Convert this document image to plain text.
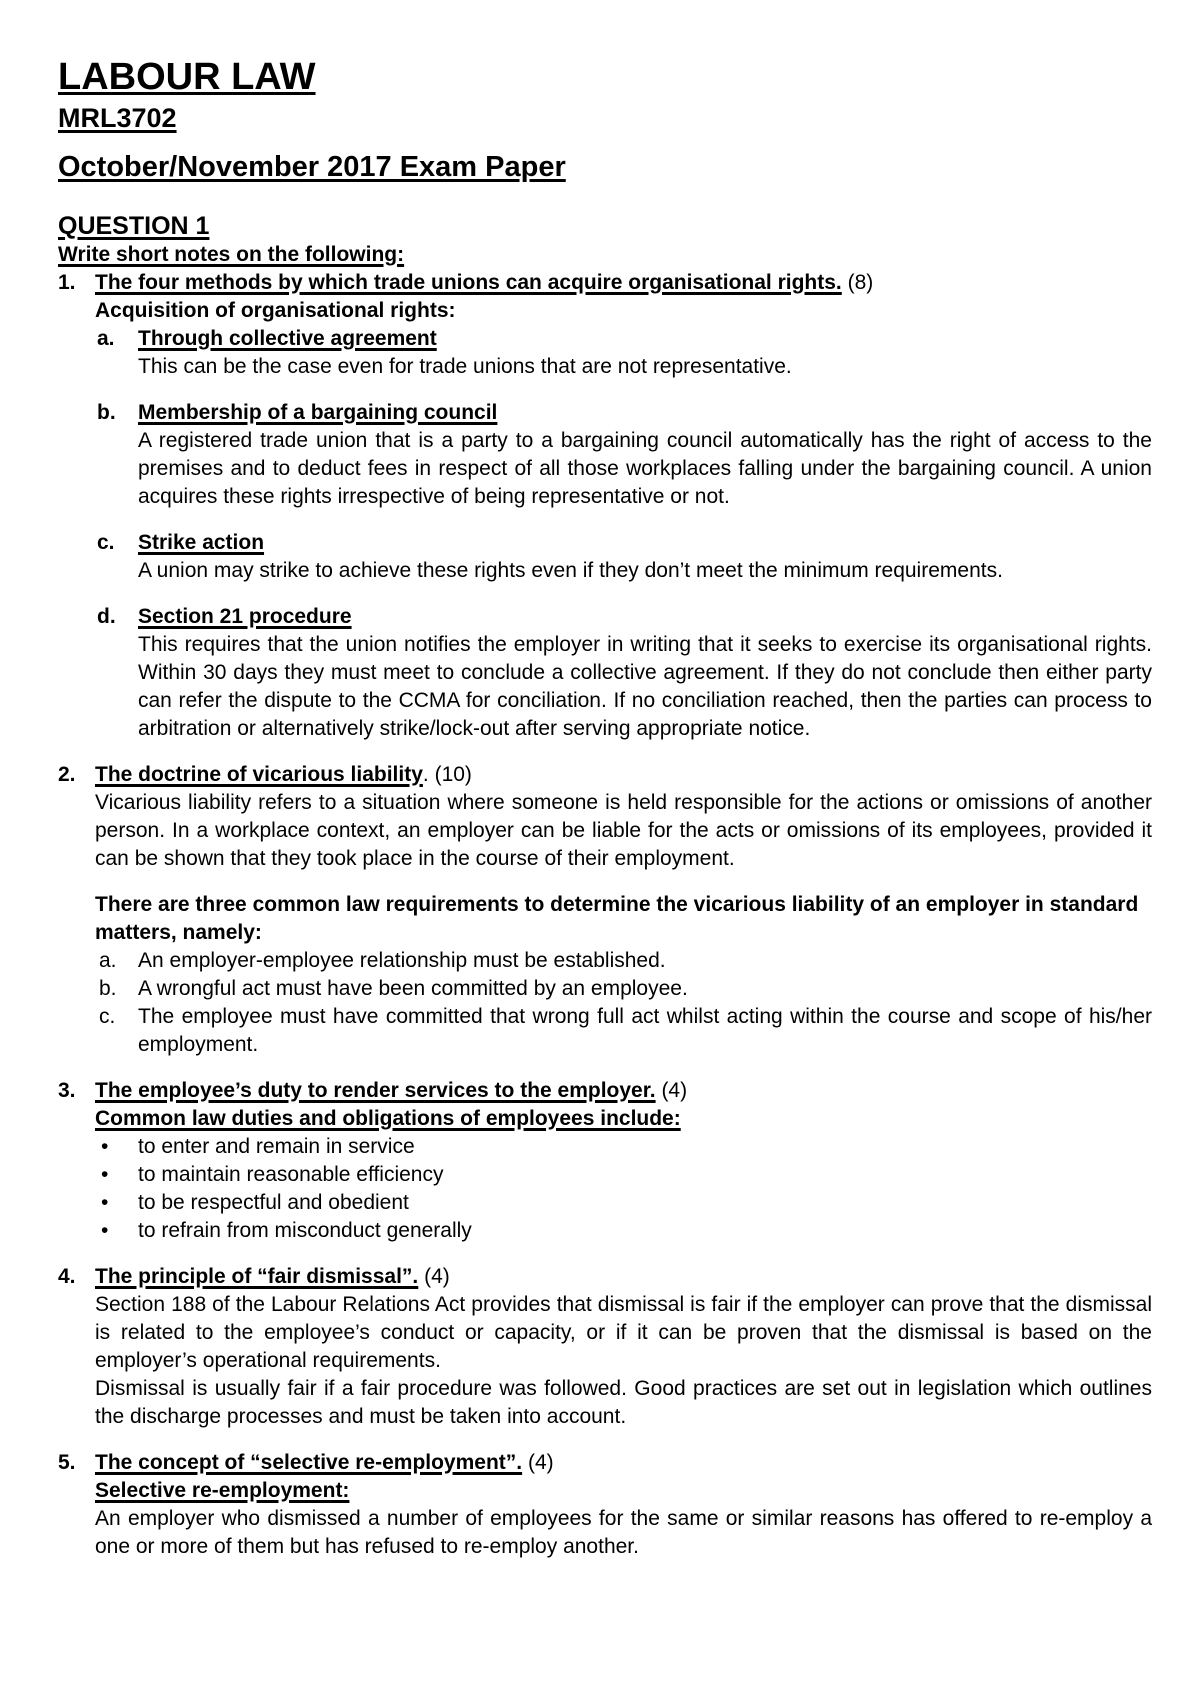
LABOUR LAW
MRL3702
October/November 2017 Exam Paper
QUESTION 1
Write short notes on the following:
1. The four methods by which trade unions can acquire organisational rights. (8)
Acquisition of organisational rights:
a.	Through collective agreement
This can be the case even for trade unions that are not representative.
b.	Membership of a bargaining council
A registered trade union that is a party to a bargaining council automatically has the right of access to the premises and to deduct fees in respect of all those workplaces falling under the bargaining council. A union acquires these rights irrespective of being representative or not.
c.	Strike action
A union may strike to achieve these rights even if they don’t meet the minimum requirements.
d.	Section 21 procedure
This requires that the union notifies the employer in writing that it seeks to exercise its organisational rights. Within 30 days they must meet to conclude a collective agreement. If they do not conclude then either party can refer the dispute to the CCMA for conciliation. If no conciliation reached, then the parties can process to arbitration or alternatively strike/lock-out after serving appropriate notice.
2. The doctrine of vicarious liability. (10)
Vicarious liability refers to a situation where someone is held responsible for the actions or omissions of another person. In a workplace context, an employer can be liable for the acts or omissions of its employees, provided it can be shown that they took place in the course of their employment.
There are three common law requirements to determine the vicarious liability of an employer in standard matters, namely:
a.	An employer-employee relationship must be established.
b.	A wrongful act must have been committed by an employee.
c.	The employee must have committed that wrong full act whilst acting within the course and scope of his/her employment.
3. The employee’s duty to render services to the employer. (4)
Common law duties and obligations of employees include:
•	to enter and remain in service
•	to maintain reasonable efficiency
•	to be respectful and obedient
•	to refrain from misconduct generally
4. The principle of “fair dismissal”. (4)
Section 188 of the Labour Relations Act provides that dismissal is fair if the employer can prove that the dismissal is related to the employee’s conduct or capacity, or if it can be proven that the dismissal is based on the employer’s operational requirements.
Dismissal is usually fair if a fair procedure was followed. Good practices are set out in legislation which outlines the discharge processes and must be taken into account.
5. The concept of “selective re-employment”. (4)
Selective re-employment:
An employer who dismissed a number of employees for the same or similar reasons has offered to re-employ a one or more of them but has refused to re-employ another.
